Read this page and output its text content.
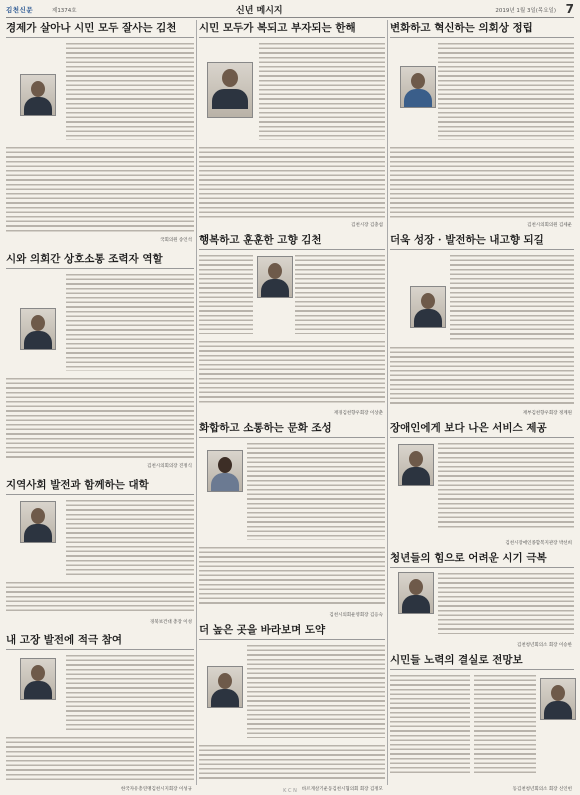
김천신문	제1374호	신년 메시지	2019년 1월 3일(목요일) 7
경제가 살아나 시민 모두 잘사는 김천
국회의원 송언석
시와 의회간 상호소통 조력자 역할
김천시의회의장 진정식
지역사회 발전과 함께하는 대학
경북보건대 총장 이성
내 고장 발전에 적극 참여
한국자유총연맹김천시지회장 이성규
시민 모두가 복되고 부자되는 한해
김천시장 김충섭
행복하고 훈훈한 고향 김천
재경김천향우회장 이상춘
화합하고 소통하는 문화 조성
김천시의회운영회장 김응숙
더 높은 곳을 바라보며 도약
바르게살기운동김천시협의회 회장 김정모
변화하고 혁신하는 의회상 정립
김천시의회의원 김세운
더욱 성장 · 발전하는 내고향 되길
재부김천향우회장 정계원
장애인에게 보다 나은 서비스 제공
김천시장애인종합복지관장 박선희
청년들의 힘으로 어려운 시기 극복
김천청년회의소 회장 이승한
시민들 노력의 결실로 전망보
동김천청년회의소 회장 신인헌
K C N
